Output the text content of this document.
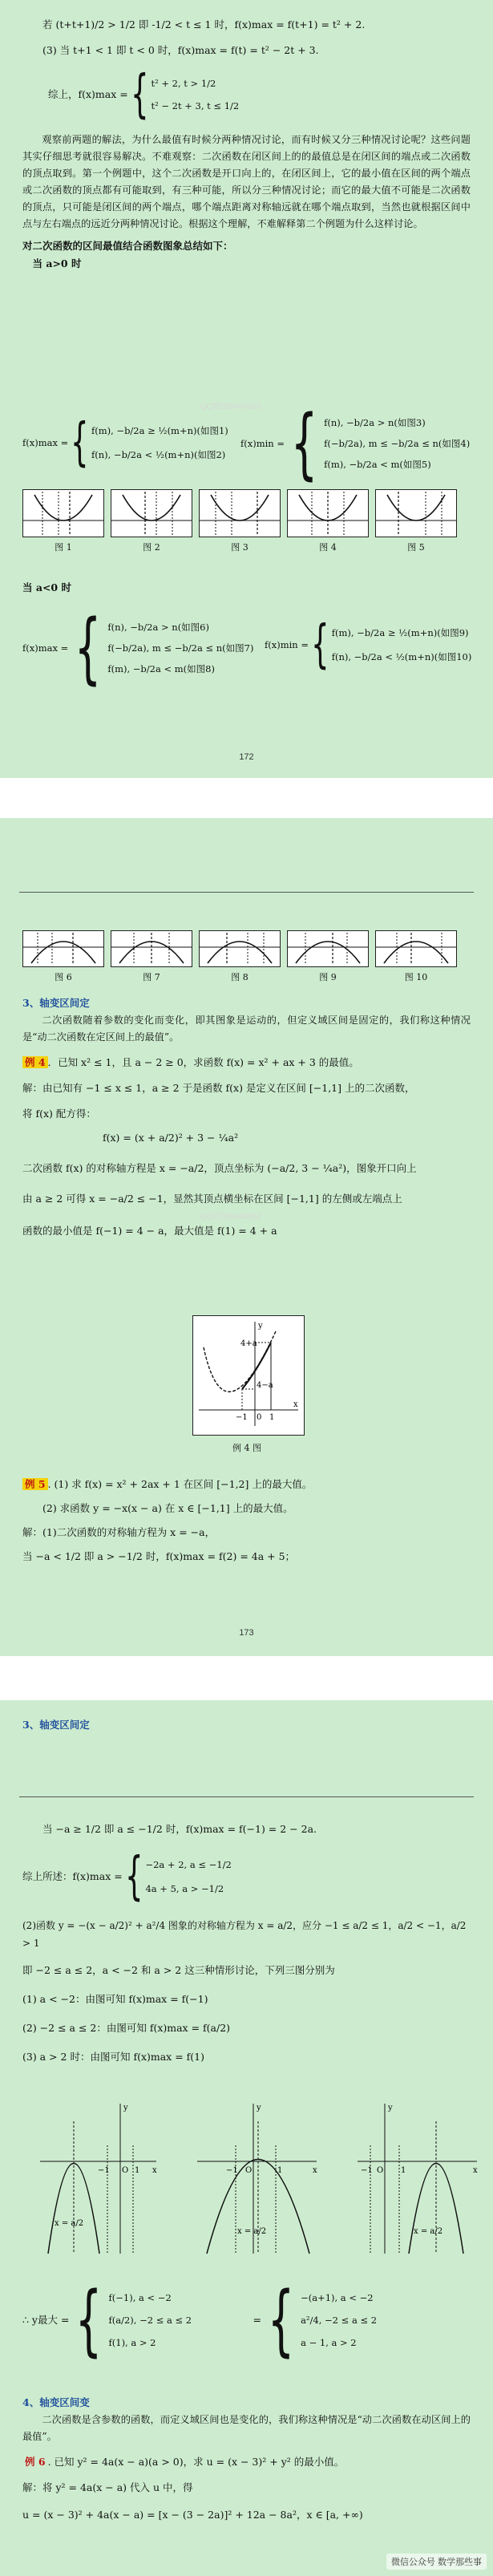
若 (t+t+1)/2 > 1/2 即 -1/2 < t ≤ 1 时，f(x)max = f(t+1) = t² + 2.

(3) 当 t+1 < 1 即 t < 0 时，f(x)max = f(t) = t² − 2t + 3.

综上，f(x)max = { t² + 2, t > 1/2
t² − 2t + 3, t ≤ 1/2

观察前两题的解法，为什么最值有时候分两种情况讨论，而有时候又分三种情况讨论呢？这些问题其实仔细思考就很容易解决。不难观察：二次函数在闭区间上的的最值总是在闭区间的端点或二次函数的顶点取到。第一个例题中，这个二次函数是开口向上的，在闭区间上，它的最小值在区间的两个端点或二次函数的顶点都有可能取到，有三种可能，所以分三种情况讨论；而它的最大值不可能是二次函数的顶点，只可能是闭区间的两个端点，哪个端点距离对称轴远就在哪个端点取到，当然也就根据区间中点与左右端点的远近分两种情况讨论。根据这个理解，不难解释第二个例题为什么这样讨论。

对二次函数的区间最值结合函数图象总结如下：

当 a>0 时

f(x)max = { f(m), −b/2a ≥ ½(m+n)(如图1)
f(n), −b/2a < ½(m+n)(如图2)
f(x)min = { f(n), −b/2a > n(如图3)
f(−b/2a), m ≤ −b/2a ≤ n(如图4)
f(m), −b/2a < m(如图5)
QQ群339444363
图 1	图 2	图 3	图 4	图 5

当 a<0 时

f(x)max = { f(n), −b/2a > n(如图6)
f(−b/2a), m ≤ −b/2a ≤ n(如图7)
f(m), −b/2a < m(如图8)
f(x)min = { f(m), −b/2a ≥ ½(m+n)(如图9)
f(n), −b/2a < ½(m+n)(如图10)
172
图 6	图 7	图 8	图 9	图 10

3、轴变区间定

二次函数随着参数的变化而变化，即其图象是运动的，但定义域区间是固定的，我们称这种情况是“动二次函数在定区间上的最值”。

例 4 ．已知 x² ≤ 1，且 a − 2 ≥ 0，求函数 f(x) = x² + ax + 3 的最值。

解：由已知有 −1 ≤ x ≤ 1，a ≥ 2 于是函数 f(x) 是定义在区间 [−1,1] 上的二次函数，

将 f(x) 配方得：

f(x) = (x + a/2)² + 3 − ¼a²

二次函数 f(x) 的对称轴方程是 x = −a/2，顶点坐标为 (−a/2, 3 − ¼a²)，图象开口向上

由 a ≥ 2 可得 x = −a/2 ≤ −1，显然其顶点横坐标在区间 [−1,1] 的左侧或左端点上

函数的最小值是 f(−1) = 4 − a，最大值是 f(1) = 4 + a

QQ群339444363
4+a
4−a
−1 0 1
x
y

例 4 图

例 5 . (1) 求 f(x) = x² + 2ax + 1 在区间 [−1,2] 上的最大值。

(2) 求函数 y = −x(x − a) 在 x ∈ [−1,1] 上的最大值。

解：(1)二次函数的对称轴方程为 x = −a，

当 −a < 1/2 即 a > −1/2 时，f(x)max = f(2) = 4a + 5；

173

3、轴变区间定

当 −a ≥ 1/2 即 a ≤ −1/2 时，f(x)max = f(−1) = 2 − 2a.

综上所述：f(x)max = { −2a + 2, a ≤ −1/2
4a + 5, a > −1/2

(2)函数 y = −(x − a/2)² + a²/4 图象的对称轴方程为 x = a/2，应分 −1 ≤ a/2 ≤ 1，a/2 < −1，a/2 > 1

即 −2 ≤ a ≤ 2，a < −2 和 a > 2 这三种情形讨论，下列三图分别为

(1) a < −2：由图可知 f(x)max = f(−1)

(2) −2 ≤ a ≤ 2：由图可知 f(x)max = f(a/2)

(3) a > 2 时：由图可知 f(x)max = f(1)

x
y
−1 O 1
x = a/2
x
y
−1 O	1
x = a/2
x
y
−1 O 1
x = a/2
∴ y最大 = { f(−1), a < −2
f(a/2), −2 ≤ a ≤ 2
f(1), a > 2
= { −(a+1), a < −2
a²/4, −2 ≤ a ≤ 2
a − 1, a > 2

4、轴变区间变

二次函数是含参数的函数，而定义域区间也是变化的，我们称这种情况是“动二次函数在动区间上的最值”。

例 6 . 已知 y² = 4a(x − a)(a > 0)，求 u = (x − 3)² + y² 的最小值。

解：将 y² = 4a(x − a) 代入 u 中，得

u = (x − 3)² + 4a(x − a) = [x − (3 − 2a)]² + 12a − 8a²，x ∈ [a, +∞)

微信公众号 数学那些事
